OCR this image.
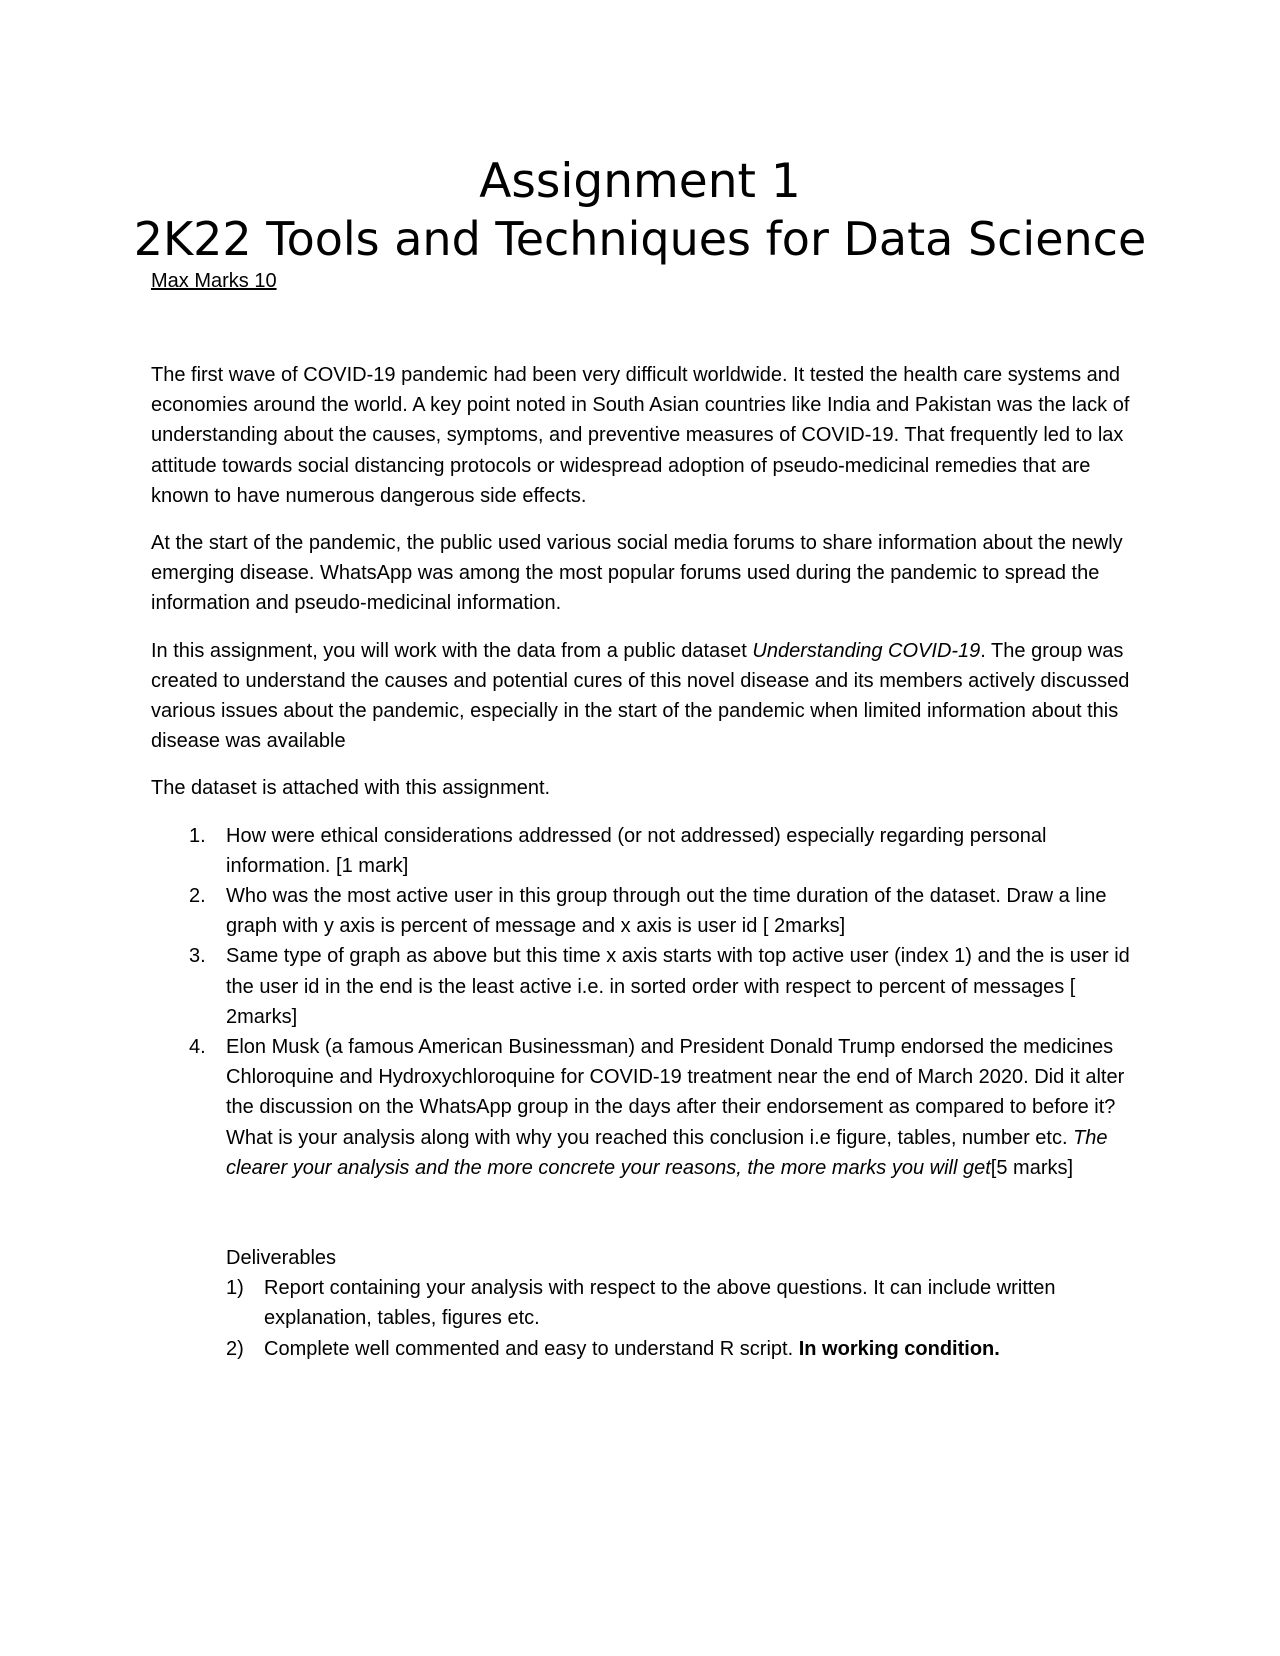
Assignment 1
2K22 Tools and Techniques for Data Science

Max Marks 10

The first wave of COVID-19 pandemic had been very difficult worldwide. It tested the health care systems and economies around the world. A key point noted in South Asian countries like India and Pakistan was the lack of understanding about the causes, symptoms, and preventive measures of COVID-19. That frequently led to lax attitude towards social distancing protocols or widespread adoption of pseudo-medicinal remedies that are known to have numerous dangerous side effects.

At the start of the pandemic, the public used various social media forums to share information about the newly emerging disease. WhatsApp was among the most popular forums used during the pandemic to spread the information and pseudo-medicinal information.

In this assignment, you will work with the data from a public dataset Understanding COVID-19. The group was created to understand the causes and potential cures of this novel disease and its members actively discussed various issues about the pandemic, especially in the start of the pandemic when limited information about this disease was available

The dataset is attached with this assignment.

1. How were ethical considerations addressed (or not addressed) especially regarding personal information. [1 mark]
2. Who was the most active user in this group through out the time duration of the dataset. Draw a line graph with y axis is percent of message and x axis is user id [ 2marks]
3. Same type of graph as above but this time x axis starts with top active user (index 1) and the is user id the user id in the end is the least active i.e. in sorted order with respect to percent of messages [ 2marks]
4. Elon Musk (a famous American Businessman) and President Donald Trump endorsed the medicines Chloroquine and Hydroxychloroquine for COVID-19 treatment near the end of March 2020. Did it alter the discussion on the WhatsApp group in the days after their endorsement as compared to before it? What is your analysis along with why you reached this conclusion i.e figure, tables, number etc. The clearer your analysis and the more concrete your reasons, the more marks you will get[5 marks]
Deliverables
1) Report containing your analysis with respect to the above questions. It can include written explanation, tables, figures etc.
2) Complete well commented and easy to understand R script. In working condition.
